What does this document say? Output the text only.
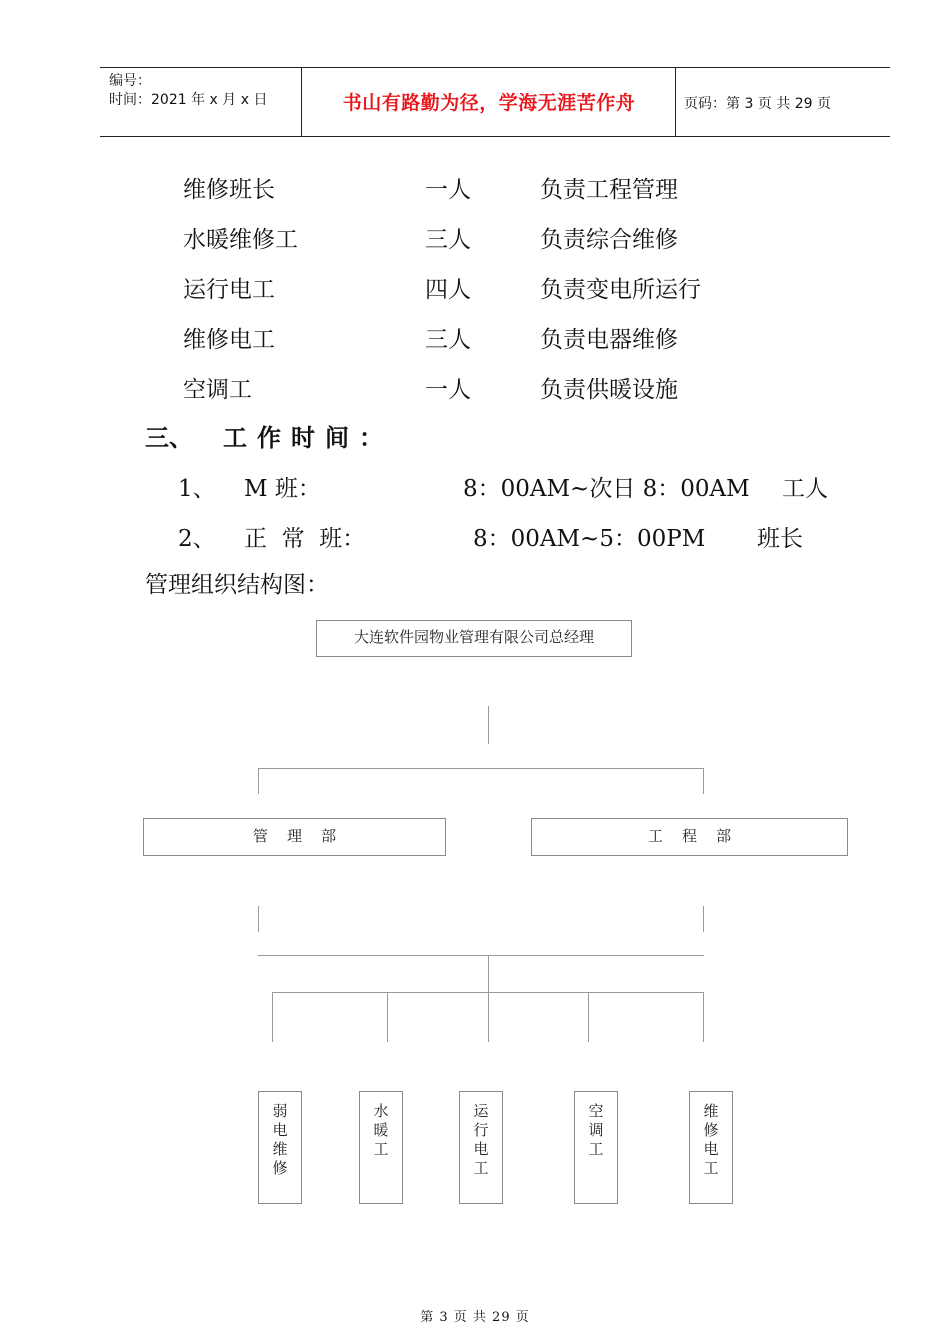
编号：
时间：2021 年 x 月 x 日	书山有路勤为径，学海无涯苦作舟	页码：第 3 页 共 29 页
维修班长	一人	负责工程管理
水暖维修工	三人	负责综合维修
运行电工	四人	负责变电所运行
维修电工	三人	负责电器维修
空调工	一人	负责供暖设施
三、 工作时间：
1、 M 班：	8：00AM~次日 8：00AM 工人
2、 正  常  班：	8：00AM~5：00PM 班长
管理组织结构图：
大连软件园物业管理有限公司总经理
管    理    部	工    程    部
弱
电
维
修
水
暖
工
运
行
电
工
空
调
工
维
修
电
工
第 3 页 共 29 页
